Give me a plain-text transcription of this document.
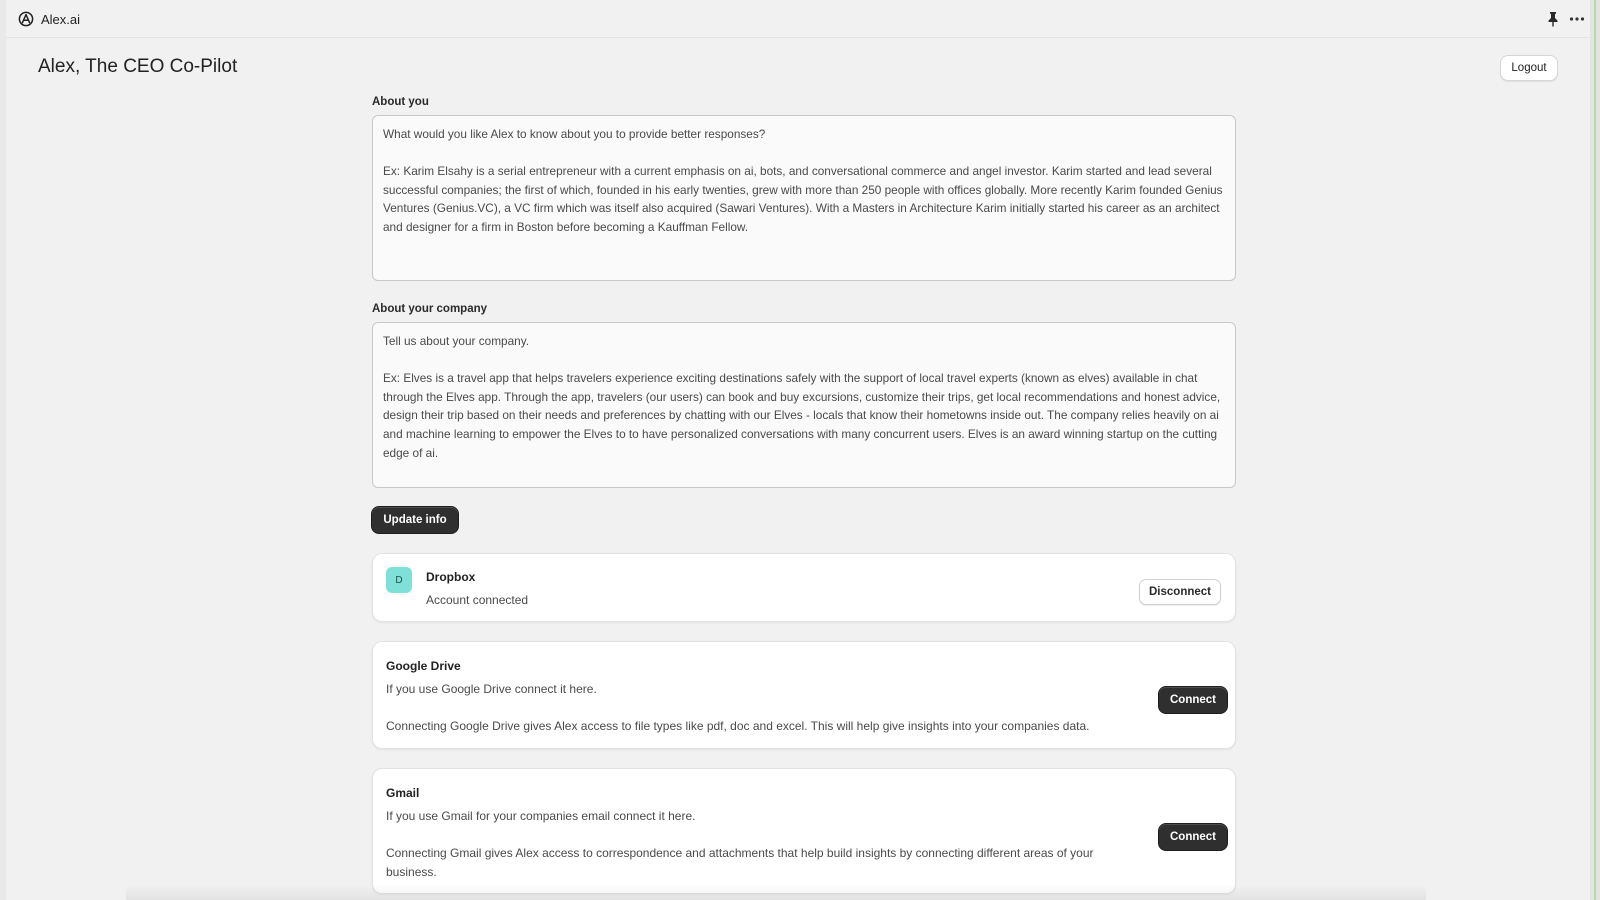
Alex.ai
Alex, The CEO Co-Pilot	Logout
About you
What would you like Alex to know about you to provide better responses?

Ex: Karim Elsahy is a serial entrepreneur with a current emphasis on ai, bots, and conversational commerce and angel investor. Karim started and lead several successful companies; the first of which, founded in his early twenties, grew with more than 250 people with offices globally. More recently Karim founded Genius Ventures (Genius.VC), a VC firm which was itself also acquired (Sawari Ventures). With a Masters in Architecture Karim initially started his career as an architect and designer for a firm in Boston before becoming a Kauffman Fellow.
About your company
Tell us about your company.

Ex: Elves is a travel app that helps travelers experience exciting destinations safely with the support of local travel experts (known as elves) available in chat through the Elves app. Through the app, travelers (our users) can book and buy excursions, customize their trips, get local recommendations and honest advice, design their trip based on their needs and preferences by chatting with our Elves - locals that know their hometowns inside out. The company relies heavily on ai and machine learning to empower the Elves to to have personalized conversations with many concurrent users. Elves is an award winning startup on the cutting edge of ai.
Update info
D	Dropbox
Account connected
Disconnect
Google Drive
If you use Google Drive connect it here.
Connecting Google Drive gives Alex access to file types like pdf, doc and excel. This will help give insights into your companies data.
Connect
Gmail
If you use Gmail for your companies email connect it here.
Connecting Gmail gives Alex access to correspondence and attachments that help build insights by connecting different areas of your business.
Connect
